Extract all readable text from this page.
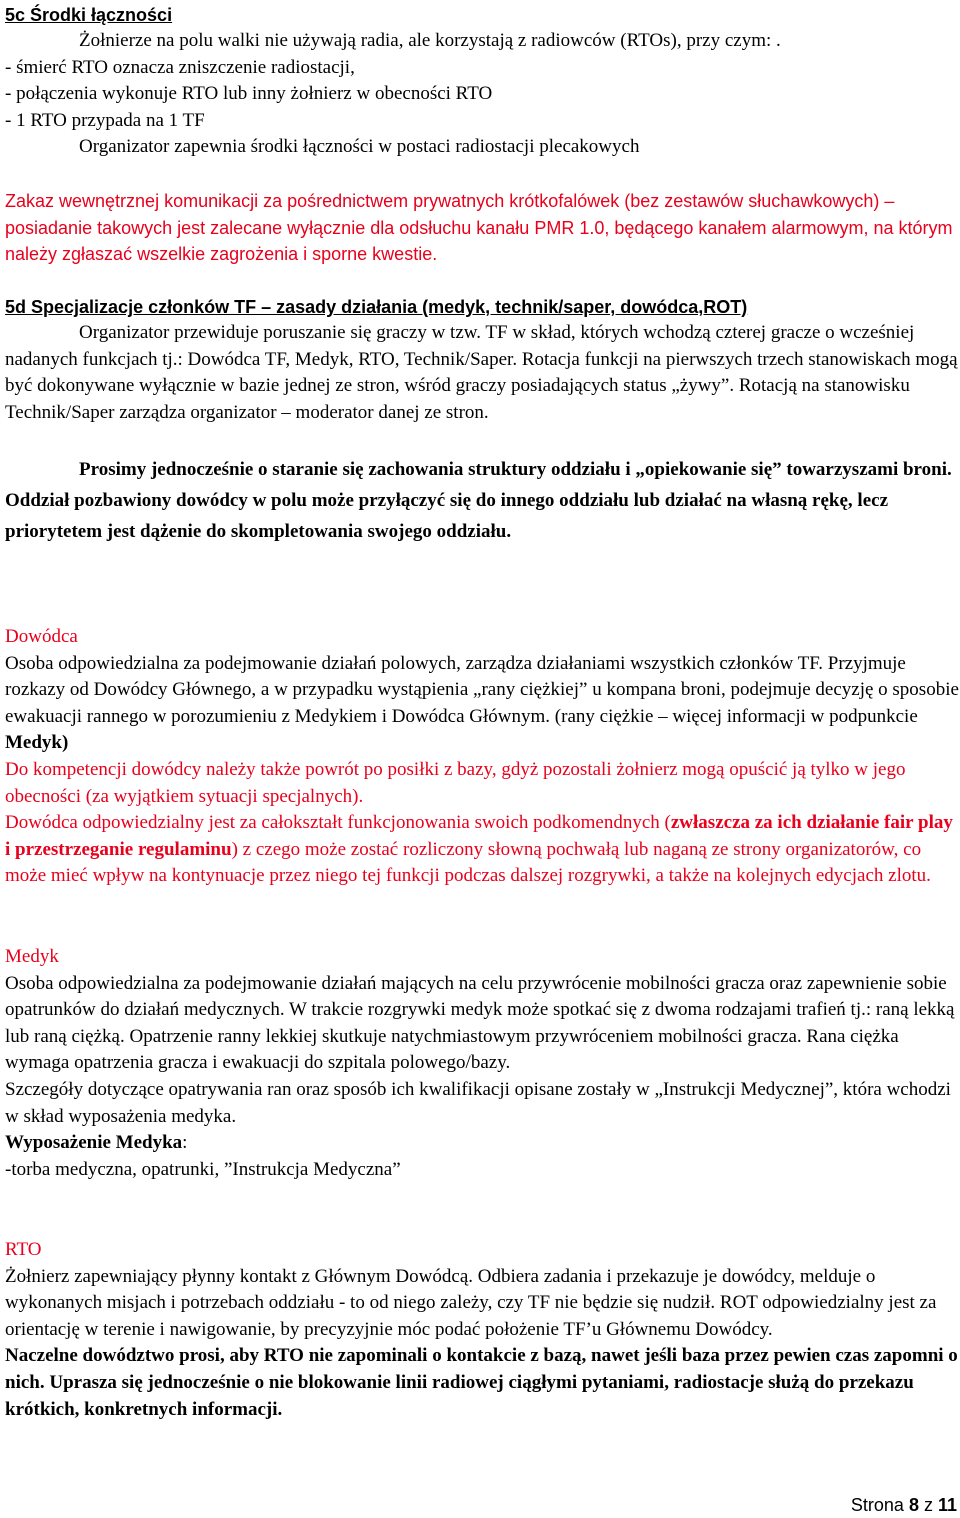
5c Środki łączności

Żołnierze na polu walki nie używają radia, ale korzystają z radiowców (RTOs), przy czym: .

- śmierć RTO oznacza zniszczenie radiostacji,

- połączenia wykonuje RTO lub inny żołnierz w obecności RTO

- 1 RTO przypada na 1 TF

Organizator zapewnia środki łączności w postaci radiostacji plecakowych

Zakaz wewnętrznej komunikacji za pośrednictwem prywatnych krótkofalówek (bez zestawów słuchawkowych) – posiadanie takowych jest zalecane wyłącznie dla odsłuchu kanału PMR 1.0, będącego kanałem alarmowym, na którym należy zgłaszać wszelkie zagrożenia i sporne kwestie.

5d Specjalizacje członków TF – zasady działania (medyk, technik/saper, dowódca,ROT)

Organizator przewiduje poruszanie się graczy w tzw. TF w skład, których wchodzą czterej gracze o wcześniej nadanych funkcjach tj.: Dowódca TF, Medyk, RTO, Technik/Saper. Rotacja funkcji na pierwszych trzech stanowiskach mogą być dokonywane wyłącznie w bazie jednej ze stron, wśród graczy posiadających status „żywy”. Rotacją na stanowisku Technik/Saper zarządza organizator – moderator danej ze stron.

Prosimy jednocześnie o staranie się zachowania struktury oddziału i „opiekowanie się” towarzyszami broni. Oddział pozbawiony dowódcy w polu może przyłączyć się do innego oddziału lub działać na własną rękę, lecz priorytetem jest dążenie do skompletowania swojego oddziału.

Dowódca

Osoba odpowiedzialna za podejmowanie działań polowych, zarządza działaniami wszystkich członków TF. Przyjmuje rozkazy od Dowódcy Głównego, a w przypadku wystąpienia „rany ciężkiej” u kompana broni, podejmuje decyzję o sposobie ewakuacji rannego w porozumieniu z Medykiem i Dowódca Głównym. (rany ciężkie – więcej informacji w podpunkcie Medyk)

Do kompetencji dowódcy należy także powrót po posiłki z bazy, gdyż pozostali żołnierz mogą opuścić ją tylko w jego obecności (za wyjątkiem sytuacji specjalnych).

Dowódca odpowiedzialny jest za całokształt funkcjonowania swoich podkomendnych (zwłaszcza za ich działanie fair play i przestrzeganie regulaminu) z czego może zostać rozliczony słowną pochwałą lub naganą ze strony organizatorów, co może mieć wpływ na kontynuacje przez niego tej funkcji podczas dalszej rozgrywki, a także na kolejnych edycjach zlotu.

Medyk

Osoba odpowiedzialna za podejmowanie działań mających na celu przywrócenie mobilności gracza oraz zapewnienie sobie opatrunków do działań medycznych. W trakcie rozgrywki medyk może spotkać się z dwoma rodzajami trafień tj.: raną lekką lub raną ciężką. Opatrzenie ranny lekkiej skutkuje natychmiastowym przywróceniem mobilności gracza. Rana ciężka wymaga opatrzenia gracza i ewakuacji do szpitala polowego/bazy.

Szczegóły dotyczące opatrywania ran oraz sposób ich kwalifikacji opisane zostały w „Instrukcji Medycznej”, która wchodzi w skład wyposażenia medyka.

Wyposażenie Medyka:

-torba medyczna, opatrunki, ”Instrukcja Medyczna”

RTO

Żołnierz zapewniający płynny kontakt z Głównym Dowódcą. Odbiera zadania i przekazuje je dowódcy, melduje o wykonanych misjach i potrzebach oddziału - to od niego zależy, czy TF nie będzie się nudził. ROT odpowiedzialny jest za orientację w terenie i nawigowanie, by precyzyjnie móc podać położenie TF’u Głównemu Dowódcy.

Naczelne dowództwo prosi, aby RTO nie zapominali o kontakcie z bazą, nawet jeśli baza przez pewien czas zapomni o nich. Uprasza się jednocześnie o nie blokowanie linii radiowej ciągłymi pytaniami, radiostacje służą do przekazu krótkich, konkretnych informacji.

Strona 8 z 11
